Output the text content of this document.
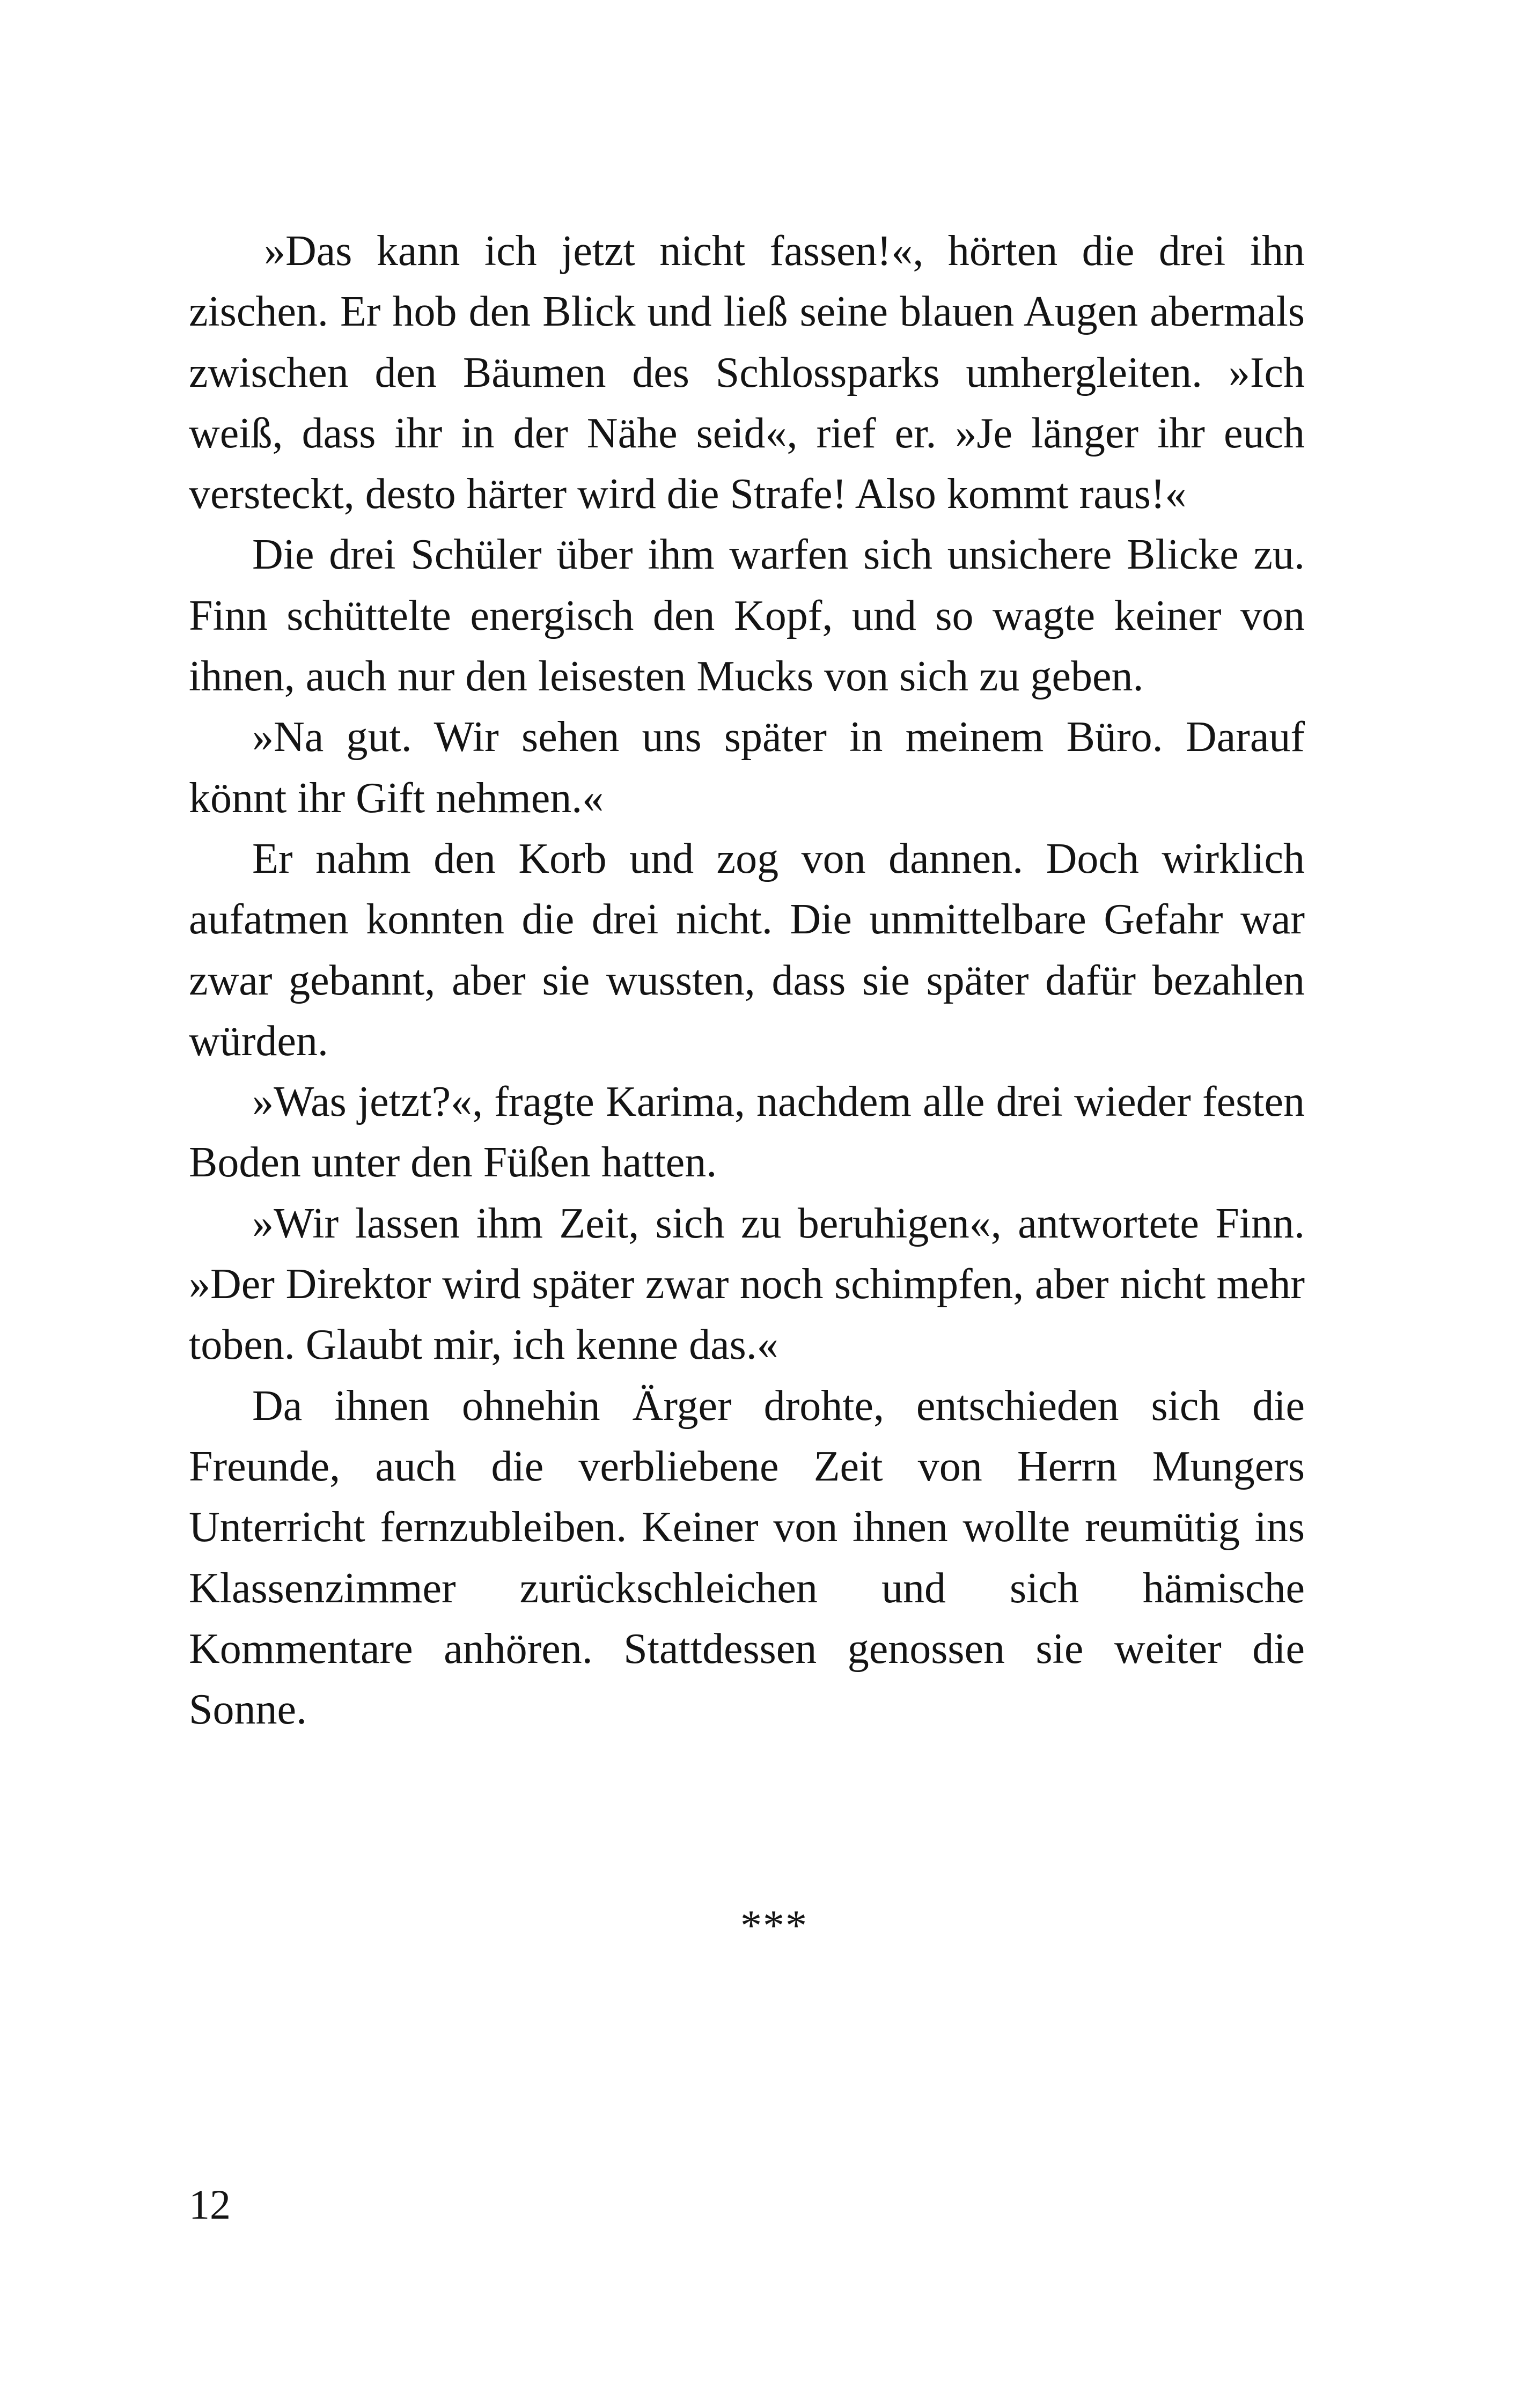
»Das kann ich jetzt nicht fassen!«, hörten die drei ihn zischen. Er hob den Blick und ließ seine blauen Augen abermals zwischen den Bäumen des Schlossparks umhergleiten. »Ich weiß, dass ihr in der Nähe seid«, rief er. »Je länger ihr euch versteckt, desto härter wird die Strafe! Also kommt raus!«

Die drei Schüler über ihm warfen sich unsichere Blicke zu. Finn schüttelte energisch den Kopf, und so wagte keiner von ihnen, auch nur den leisesten Mucks von sich zu geben.

»Na gut. Wir sehen uns später in meinem Büro. Darauf könnt ihr Gift nehmen.«

Er nahm den Korb und zog von dannen. Doch wirklich aufatmen konnten die drei nicht. Die unmittelbare Gefahr war zwar gebannt, aber sie wussten, dass sie später dafür bezahlen würden.

»Was jetzt?«, fragte Karima, nachdem alle drei wieder festen Boden unter den Füßen hatten.

»Wir lassen ihm Zeit, sich zu beruhigen«, antwortete Finn. »Der Direktor wird später zwar noch schimpfen, aber nicht mehr toben. Glaubt mir, ich kenne das.«

Da ihnen ohnehin Ärger drohte, entschieden sich die Freunde, auch die verbliebene Zeit von Herrn Mungers Unterricht fernzubleiben. Keiner von ihnen wollte reumütig ins Klassenzimmer zurückschleichen und sich hämische Kommentare anhören. Stattdessen genossen sie weiter die Sonne.

***
12
